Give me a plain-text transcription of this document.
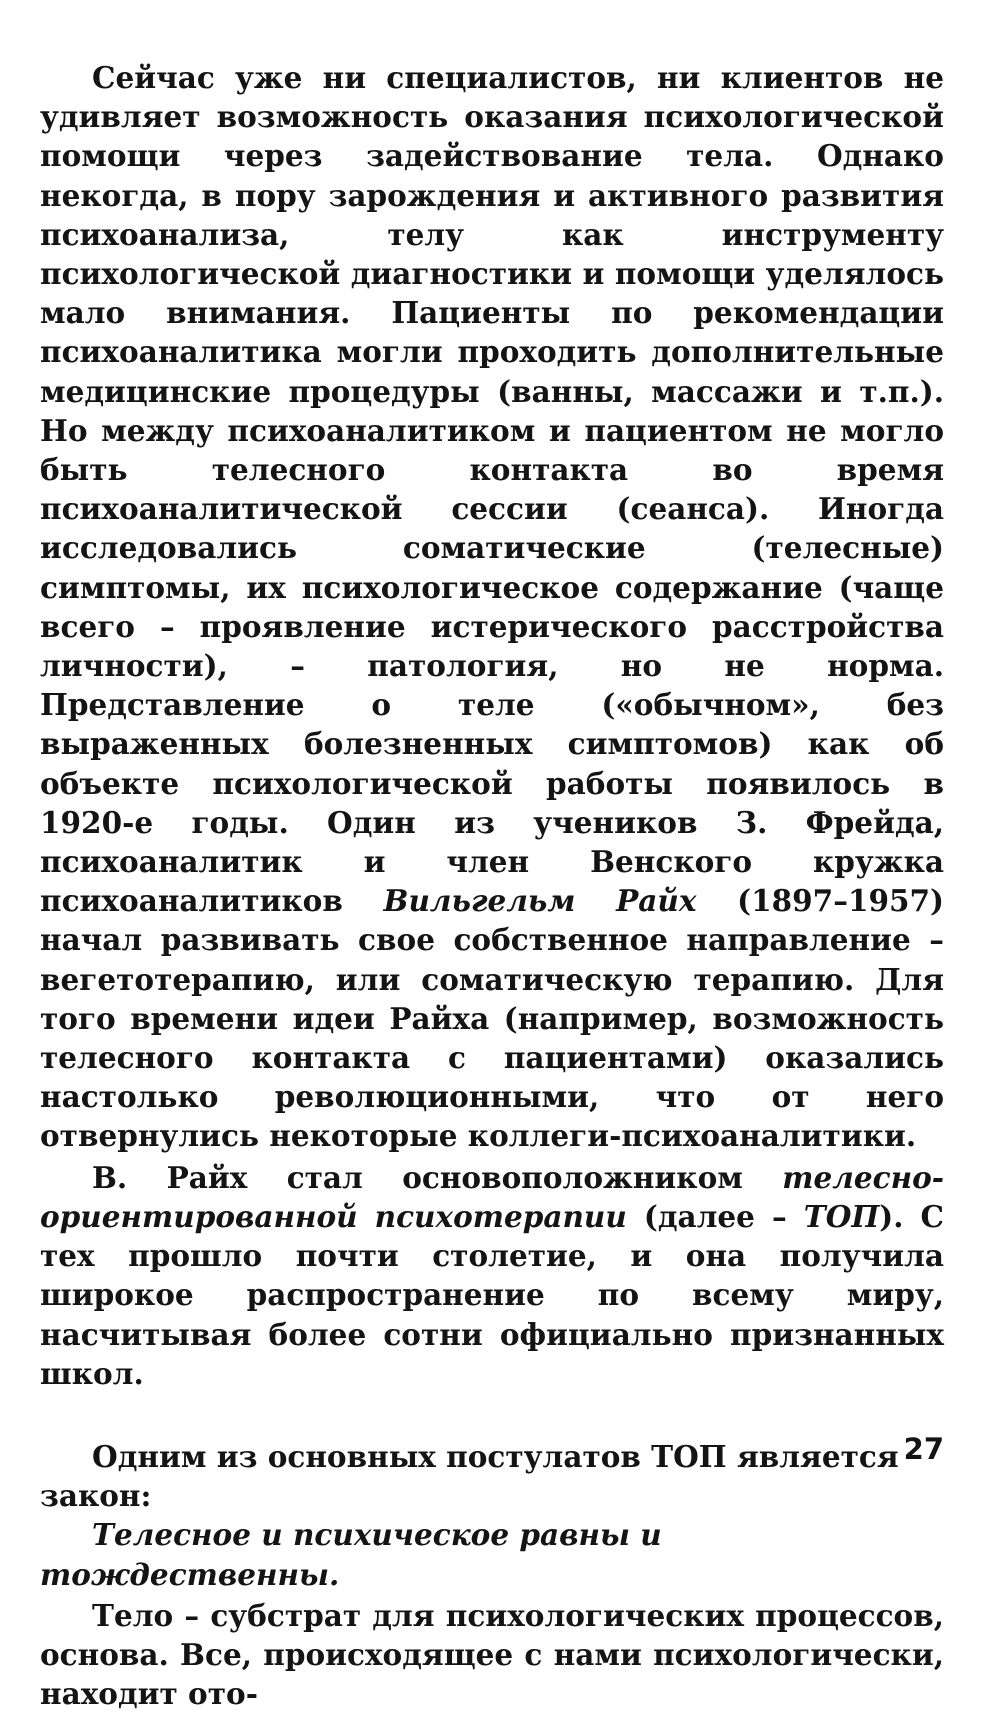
Сейчас уже ни специалистов, ни клиентов не удивляет возможность оказания психологической помощи через задействование тела. Однако некогда, в пору зарождения и активного развития психоанализа, телу как инструменту психологической диагностики и помощи уделялось мало внимания. Пациенты по рекомендации психоаналитика могли проходить дополнительные медицинские процедуры (ванны, массажи и т.п.). Но между психоаналитиком и пациентом не могло быть телесного контакта во время психоаналитической сессии (сеанса). Иногда исследовались соматические (телесные) симптомы, их психологическое содержание (чаще всего – проявление истерического расстройства личности), – патология, но не норма. Представление о теле («обычном», без выраженных болезненных симптомов) как об объекте психологической работы появилось в 1920-е годы. Один из учеников З. Фрейда, психоаналитик и член Венского кружка психоаналитиков Вильгельм Райх (1897–1957) начал развивать свое собственное направление – вегетотерапию, или соматическую терапию. Для того времени идеи Райха (например, возможность телесного контакта с пациентами) оказались настолько революционными, что от него отвернулись некоторые коллеги-психоаналитики.

В. Райх стал основоположником телесно-ориентированной психотерапии (далее – ТОП). С тех прошло почти столетие, и она получила широкое распространение по всему миру, насчитывая более сотни официально признанных школ.

Одним из основных постулатов ТОП является закон:
Телесное и психическое равны и тождественны.

Тело – субстрат для психологических процессов, основа. Все, происходящее с нами психологически, находит ото-

27
